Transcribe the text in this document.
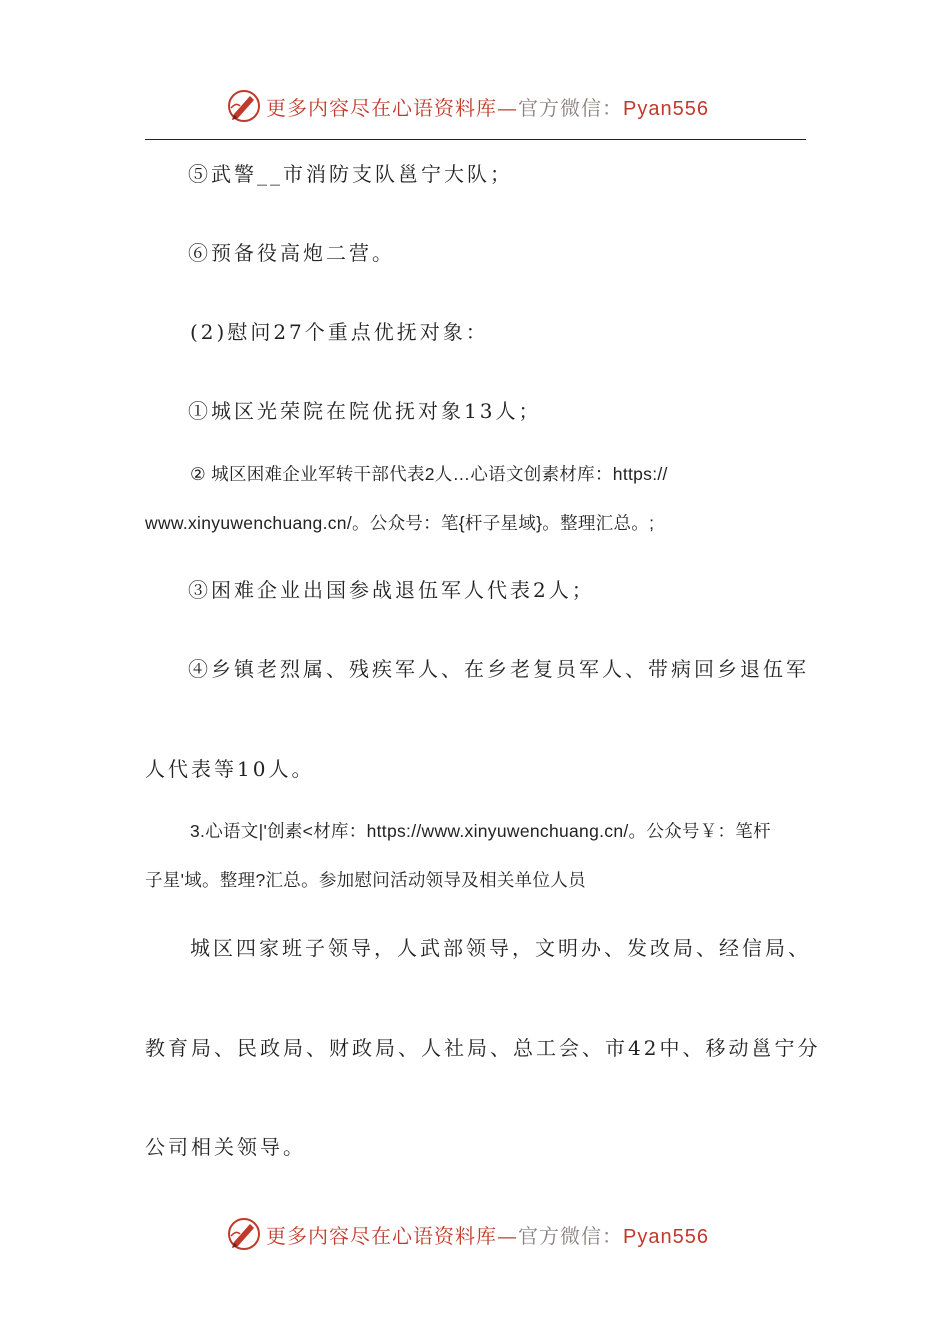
更多内容尽在心语资料库—官方微信：Pyan556
⑤武警__市消防支队邕宁大队；
⑥预备役高炮二营。
(2)慰问27个重点优抚对象：
①城区光荣院在院优抚对象13人；
② 城区困难企业军转干部代表2人…心语文创素材库：https://
www.xinyuwenchuang.cn/。公众号：笔{杆子星域}。整理汇总。;
③困难企业出国参战退伍军人代表2人；
④乡镇老烈属、残疾军人、在乡老复员军人、带病回乡退伍军
人代表等10人。
3.心语文|'创素<材库：https://www.xinyuwenchuang.cn/。公众号￥：笔杆
子星'域。整理?汇总。参加慰问活动领导及相关单位人员
城区四家班子领导，人武部领导，文明办、发改局、经信局、
教育局、民政局、财政局、人社局、总工会、市42中、移动邕宁分
公司相关领导。
更多内容尽在心语资料库—官方微信：Pyan556
